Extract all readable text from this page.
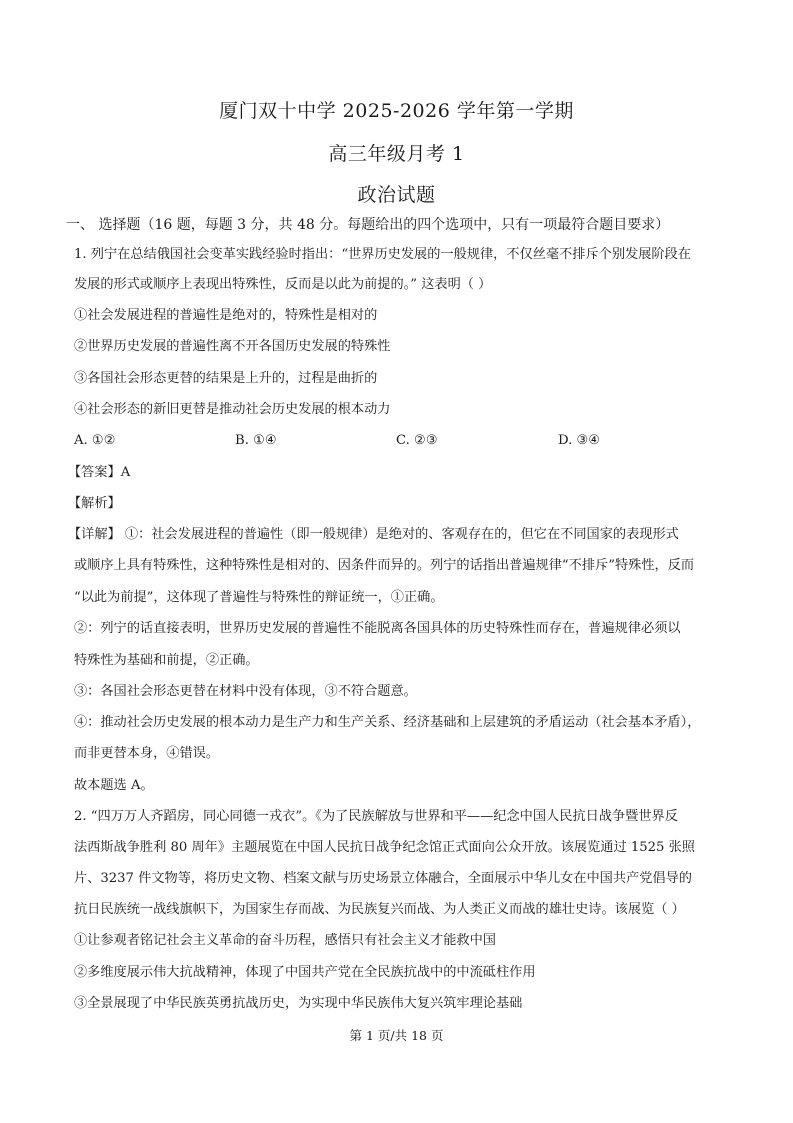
厦门双十中学 2025-2026 学年第一学期
高三年级月考 1
政治试题
一、 选择题（16 题，每题 3 分，共 48 分。每题给出的四个选项中，只有一项最符合题目要求）
1. 列宁在总结俄国社会变革实践经验时指出：“世界历史发展的一般规律，不仅丝毫不排斥个别发展阶段在
发展的形式或顺序上表现出特殊性，反而是以此为前提的。” 这表明（ ）
①社会发展进程的普遍性是绝对的，特殊性是相对的
②世界历史发展的普遍性离不开各国历史发展的特殊性
③各国社会形态更替的结果是上升的，过程是曲折的
④社会形态的新旧更替是推动社会历史发展的根本动力
A. ①②	B. ①④	C. ②③	D. ③④
【答案】A
【解析】
【详解】 ①：社会发展进程的普遍性（即一般规律）是绝对的、客观存在的，但它在不同国家的表现形式
或顺序上具有特殊性，这种特殊性是相对的、因条件而异的。列宁的话指出普遍规律“不排斥”特殊性，反而
“以此为前提”，这体现了普遍性与特殊性的辩证统一，①正确。
②：列宁的话直接表明，世界历史发展的普遍性不能脱离各国具体的历史特殊性而存在，普遍规律必须以
特殊性为基础和前提，②正确。
③：各国社会形态更替在材料中没有体现，③不符合题意。
④：推动社会历史发展的根本动力是生产力和生产关系、经济基础和上层建筑的矛盾运动（社会基本矛盾），
而非更替本身，④错误。
故本题选 A。
2. “四万万人齐蹈房，同心同德一戎衣”。《为了民族解放与世界和平——纪念中国人民抗日战争暨世界反
法西斯战争胜利 80 周年》主题展览在中国人民抗日战争纪念馆正式面向公众开放。该展览通过 1525 张照
片、3237 件文物等，将历史文物、档案文献与历史场景立体融合，全面展示中华儿女在中国共产党倡导的
抗日民族统一战线旗帜下，为国家生存而战、为民族复兴而战、为人类正义而战的雄壮史诗。该展览（ ）
①让参观者铭记社会主义革命的奋斗历程，感悟只有社会主义才能救中国
②多维度展示伟大抗战精神，体现了中国共产党在全民族抗战中的中流砥柱作用
③全景展现了中华民族英勇抗战历史，为实现中华民族伟大复兴筑牢理论基础
第 1 页/共 18 页
